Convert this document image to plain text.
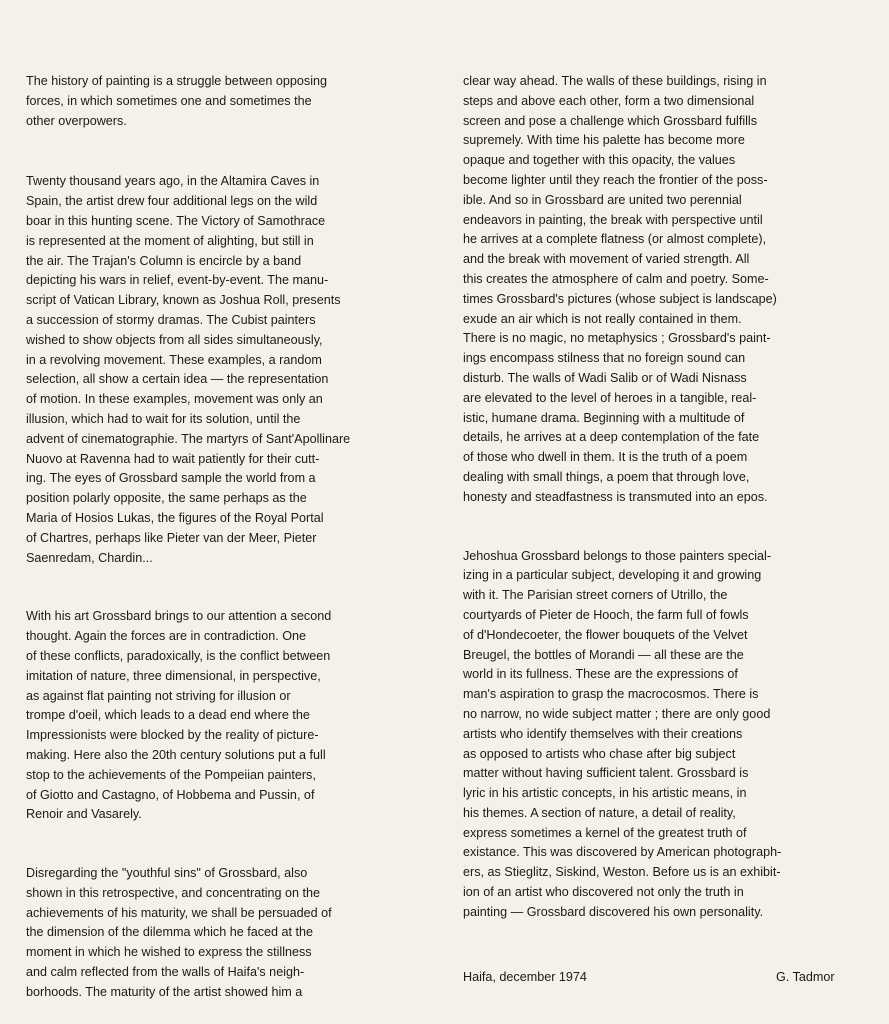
The history of painting is a struggle between opposing
forces, in which sometimes one and sometimes the
other overpowers.

Twenty thousand years ago, in the Altamira Caves in
Spain, the artist drew four additional legs on the wild
boar in this hunting scene. The Victory of Samothrace
is represented at the moment of alighting, but still in
the air. The Trajan's Column is encircle by a band
depicting his wars in relief, event-by-event. The manu-
script of Vatican Library, known as Joshua Roll, presents
a succession of stormy dramas. The Cubist painters
wished to show objects from all sides simultaneously,
in a revolving movement. These examples, a random
selection, all show a certain idea — the representation
of motion. In these examples, movement was only an
illusion, which had to wait for its solution, until the
advent of cinematographie. The martyrs of Sant'Apollinare
Nuovo at Ravenna had to wait patiently for their cutt-
ing. The eyes of Grossbard sample the world from a
position polarly opposite, the same perhaps as the
Maria of Hosios Lukas, the figures of the Royal Portal
of Chartres, perhaps like Pieter van der Meer, Pieter
Saenredam, Chardin...

With his art Grossbard brings to our attention a second
thought. Again the forces are in contradiction. One
of these conflicts, paradoxically, is the conflict between
imitation of nature, three dimensional, in perspective,
as against flat painting not striving for illusion or
trompe d'oeil, which leads to a dead end where the
Impressionists were blocked by the reality of picture-
making. Here also the 20th century solutions put a full
stop to the achievements of the Pompeiian painters,
of Giotto and Castagno, of Hobbema and Pussin, of
Renoir and Vasarely.

Disregarding the "youthful sins" of Grossbard, also
shown in this retrospective, and concentrating on the
achievements of his maturity, we shall be persuaded of
the dimension of the dilemma which he faced at the
moment in which he wished to express the stillness
and calm reflected from the walls of Haifa's neigh-
borhoods. The maturity of the artist showed him a

clear way ahead. The walls of these buildings, rising in
steps and above each other, form a two dimensional
screen and pose a challenge which Grossbard fulfills
supremely. With time his palette has become more
opaque and together with this opacity, the values
become lighter until they reach the frontier of the poss-
ible. And so in Grossbard are united two perennial
endeavors in painting, the break with perspective until
he arrives at a complete flatness (or almost complete),
and the break with movement of varied strength. All
this creates the atmosphere of calm and poetry. Some-
times Grossbard's pictures (whose subject is landscape)
exude an air which is not really contained in them.
There is no magic, no metaphysics ; Grossbard's paint-
ings encompass stilness that no foreign sound can
disturb. The walls of Wadi Salib or of Wadi Nisnass
are elevated to the level of heroes in a tangible, real-
istic, humane drama. Beginning with a multitude of
details, he arrives at a deep contemplation of the fate
of those who dwell in them. It is the truth of a poem
dealing with small things, a poem that through love,
honesty and steadfastness is transmuted into an epos.

Jehoshua Grossbard belongs to those painters special-
izing in a particular subject, developing it and growing
with it. The Parisian street corners of Utrillo, the
courtyards of Pieter de Hooch, the farm full of fowls
of d'Hondecoeter, the flower bouquets of the Velvet
Breugel, the bottles of Morandi — all these are the
world in its fullness. These are the expressions of
man's aspiration to grasp the macrocosmos. There is
no narrow, no wide subject matter ; there are only good
artists who identify themselves with their creations
as opposed to artists who chase after big subject
matter without having sufficient talent. Grossbard is
lyric in his artistic concepts, in his artistic means, in
his themes. A section of nature, a detail of reality,
express sometimes a kernel of the greatest truth of
existance. This was discovered by American photograph-
ers, as Stieglitz, Siskind, Weston. Before us is an exhibit-
ion of an artist who discovered not only the truth in
painting — Grossbard discovered his own personality.

Haifa, december 1974	G. Tadmor
